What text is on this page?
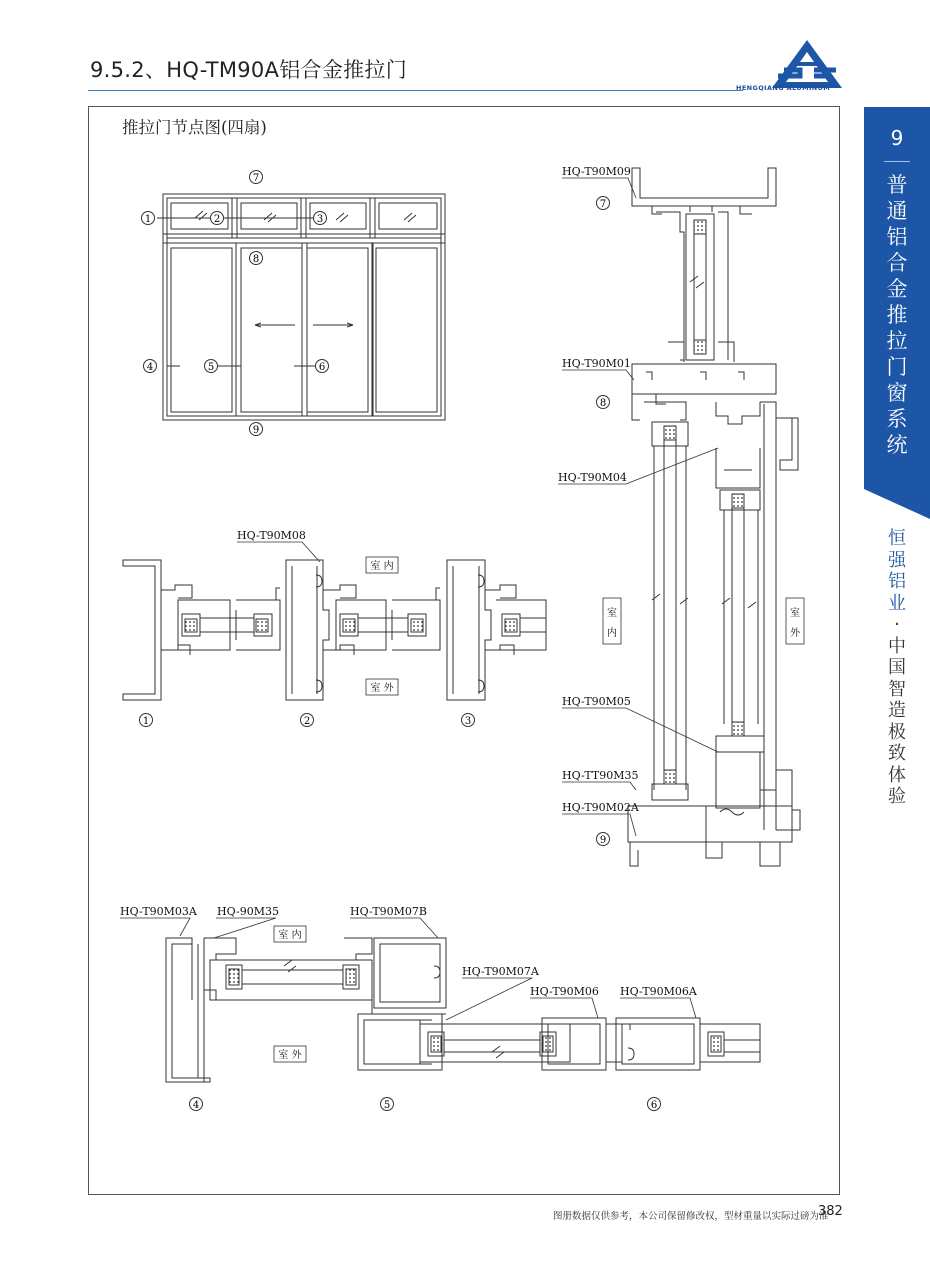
9.5.2、HQ-TM90A铝合金推拉门
HENGQIANG ALUMINUM
9
普
通
铝
合
金
推
拉
门
窗
系
统
恒
强
铝
业
·
中
国
智
造
极
致
体
验
推拉门节点图(四扇)
7
1	2	3
8
4	5	6
9
HQ-T90M08
室 内
室 外
1	2	3
HQ-T90M09
HQ-T90M01
HQ-T90M04
HQ-T90M05
HQ-TT90M35
HQ-T90M02A
7
8
9
室内
室外
HQ-T90M03A HQ-90M35	HQ-T90M07B
HQ-T90M07A
HQ-T90M06 HQ-T90M06A
室 内
室 外
4	5	6
图册数据仅供参考，本公司保留修改权，型材重量以实际过磅为准
382
